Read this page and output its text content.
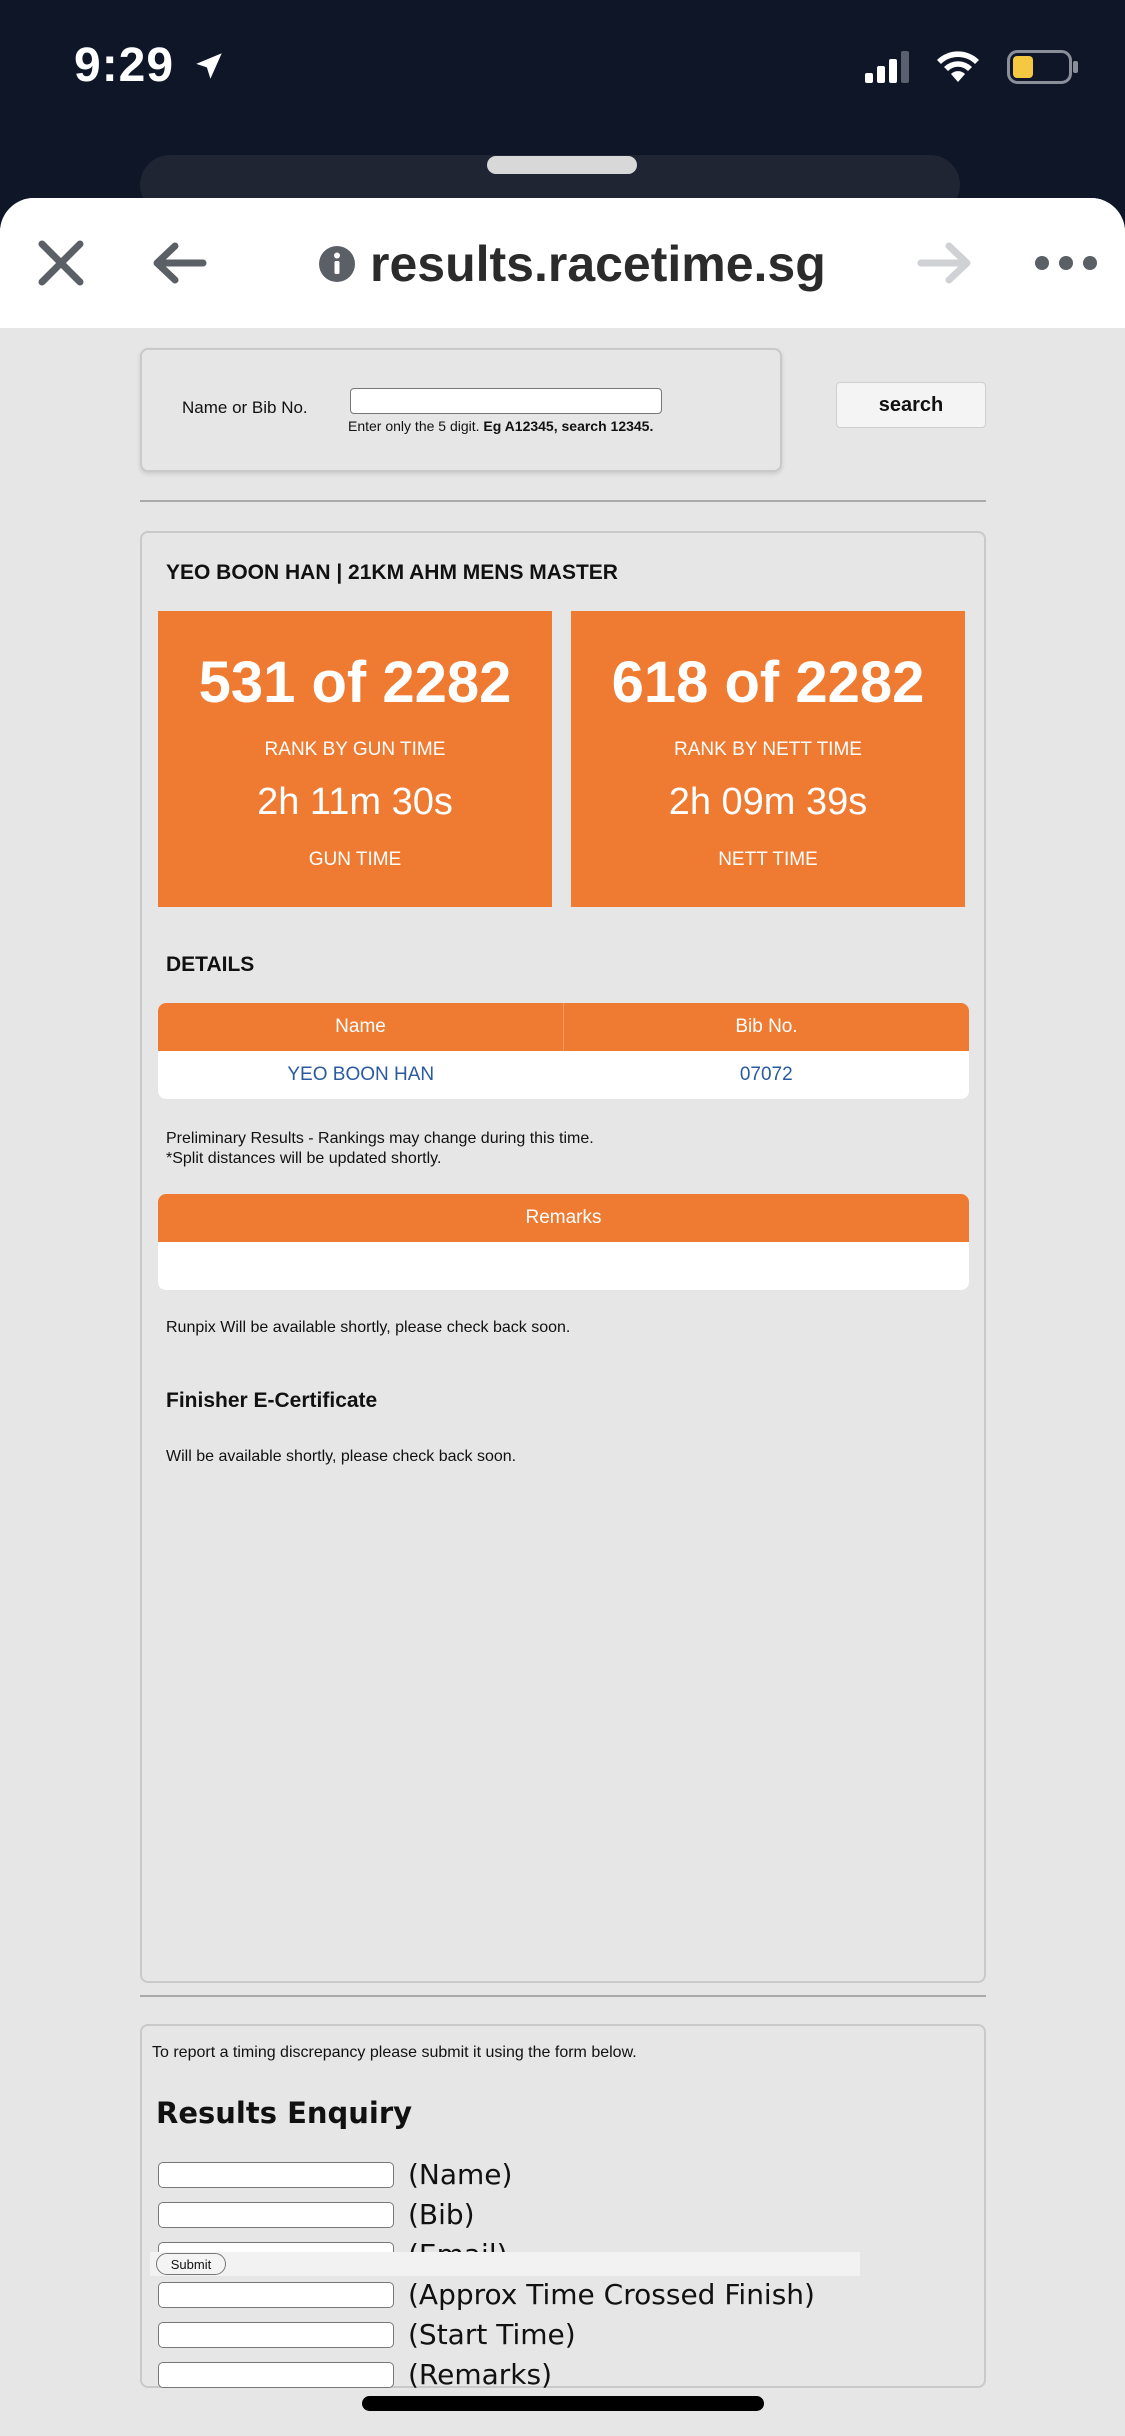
9:29
results.racetime.sg
Name or Bib No.
Enter only the 5 digit. Eg A12345, search 12345.
search
YEO BOON HAN | 21KM AHM MENS MASTER
531 of 2282
RANK BY GUN TIME
2h 11m 30s
GUN TIME
618 of 2282
RANK BY NETT TIME
2h 09m 39s
NETT TIME
DETAILS
Name	Bib No.
YEO BOON HAN	07072
Preliminary Results - Rankings may change during this time.
*Split distances will be updated shortly.
Remarks
Runpix Will be available shortly, please check back soon.
Finisher E-Certificate
Will be available shortly, please check back soon.
To report a timing discrepancy please submit it using the form below.
Results Enquiry
(Name)
(Bib)
(Approx Time Crossed Finish)
(Start Time)
(Remarks)
Submit
